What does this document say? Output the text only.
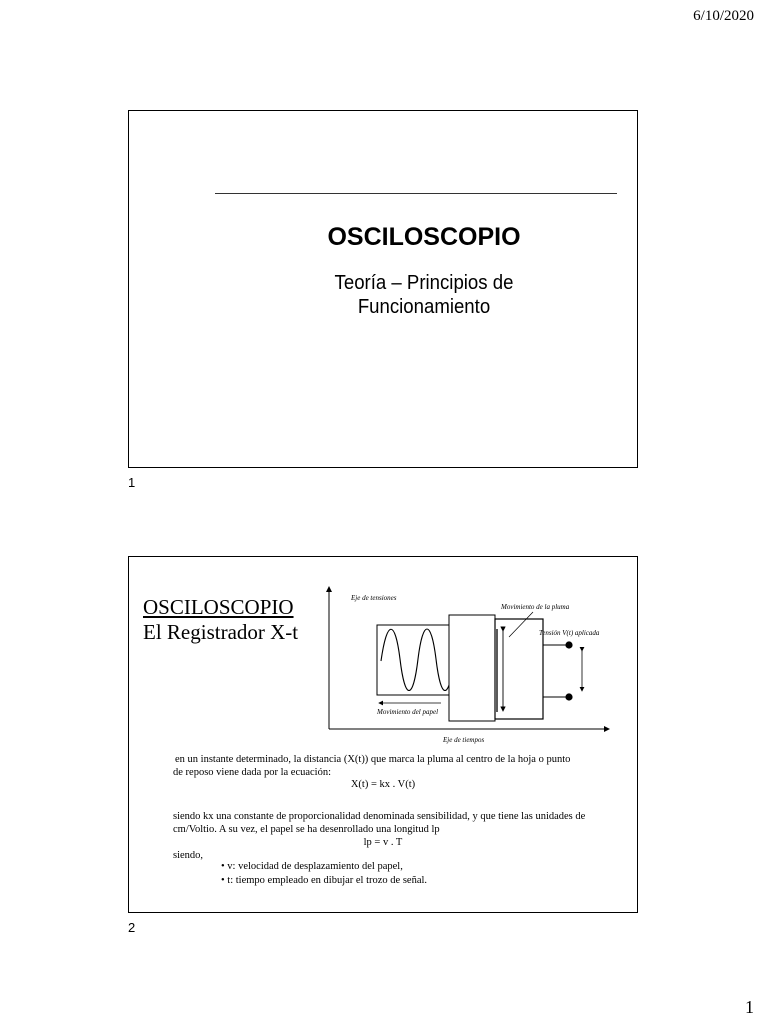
6/10/2020
OSCILOSCOPIO
Teoría – Principios de
Funcionamiento
1
OSCILOSCOPIO
El Registrador X-t
Eje de tensiones
Eje de tiempos
Movimiento de la pluma
Tensión V(t) aplicada
Movimiento del papel
en un instante determinado, la distancia (X(t)) que marca la pluma al centro de la hoja o punto
de reposo viene dada por la ecuación:
X(t) = kx . V(t)
siendo kx una constante de proporcionalidad denominada sensibilidad, y que tiene las unidades de
cm/Voltio. A su vez, el papel se ha desenrollado una longitud lp
lp = v . T
siendo,
• v: velocidad de desplazamiento del papel,
• t: tiempo empleado en dibujar el trozo de señal.
2
1
